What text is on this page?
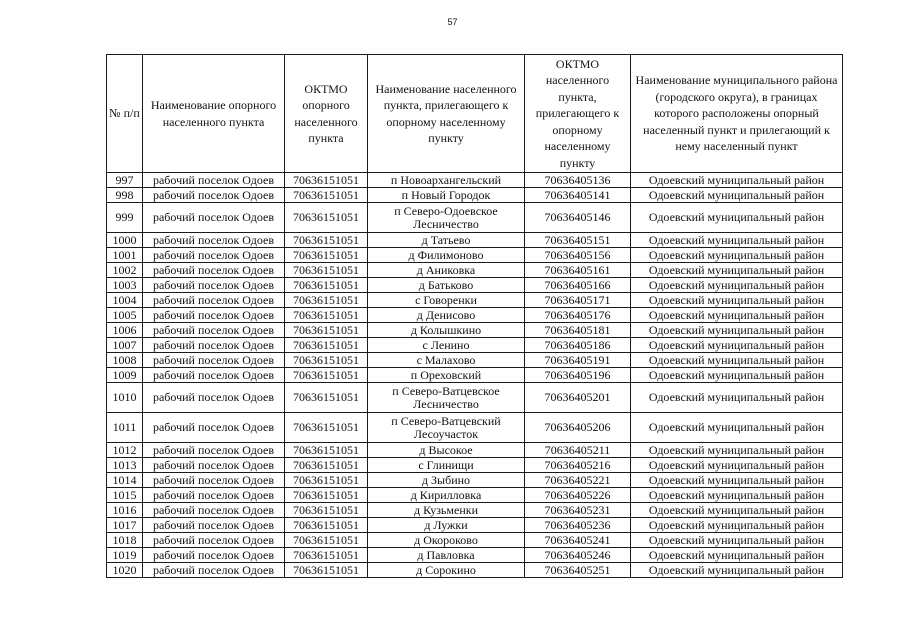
57
№ п/п	Наименование опорного населенного пункта	ОКТМО опорного населенного пункта	Наименование населенного пункта, прилегающего к опорному населенному пункту	ОКТМО населенного пункта, прилегающего к опорному населенному пункту	Наименование муниципального района (городского округа), в границах которого расположены опорный населенный пункт и прилегающий к нему населенный пункт
997	рабочий поселок Одоев	70636151051	п Новоархангельский	70636405136	Одоевский муниципальный район
998	рабочий поселок Одоев	70636151051	п Новый Городок	70636405141	Одоевский муниципальный район
999	рабочий поселок Одоев	70636151051	п Северо-Одоевское Лесничество	70636405146	Одоевский муниципальный район
1000	рабочий поселок Одоев	70636151051	д Татьево	70636405151	Одоевский муниципальный район
1001	рабочий поселок Одоев	70636151051	д Филимоново	70636405156	Одоевский муниципальный район
1002	рабочий поселок Одоев	70636151051	д Аниковка	70636405161	Одоевский муниципальный район
1003	рабочий поселок Одоев	70636151051	д Батьково	70636405166	Одоевский муниципальный район
1004	рабочий поселок Одоев	70636151051	с Говоренки	70636405171	Одоевский муниципальный район
1005	рабочий поселок Одоев	70636151051	д Денисово	70636405176	Одоевский муниципальный район
1006	рабочий поселок Одоев	70636151051	д Колышкино	70636405181	Одоевский муниципальный район
1007	рабочий поселок Одоев	70636151051	с Ленино	70636405186	Одоевский муниципальный район
1008	рабочий поселок Одоев	70636151051	с Малахово	70636405191	Одоевский муниципальный район
1009	рабочий поселок Одоев	70636151051	п Ореховский	70636405196	Одоевский муниципальный район
1010	рабочий поселок Одоев	70636151051	п Северо-Ватцевское Лесничество	70636405201	Одоевский муниципальный район
1011	рабочий поселок Одоев	70636151051	п Северо-Ватцевский Лесоучасток	70636405206	Одоевский муниципальный район
1012	рабочий поселок Одоев	70636151051	д Высокое	70636405211	Одоевский муниципальный район
1013	рабочий поселок Одоев	70636151051	с Глинищи	70636405216	Одоевский муниципальный район
1014	рабочий поселок Одоев	70636151051	д Зыбино	70636405221	Одоевский муниципальный район
1015	рабочий поселок Одоев	70636151051	д Кирилловка	70636405226	Одоевский муниципальный район
1016	рабочий поселок Одоев	70636151051	д Кузьменки	70636405231	Одоевский муниципальный район
1017	рабочий поселок Одоев	70636151051	д Лужки	70636405236	Одоевский муниципальный район
1018	рабочий поселок Одоев	70636151051	д Окороково	70636405241	Одоевский муниципальный район
1019	рабочий поселок Одоев	70636151051	д Павловка	70636405246	Одоевский муниципальный район
1020	рабочий поселок Одоев	70636151051	д Сорокино	70636405251	Одоевский муниципальный район
